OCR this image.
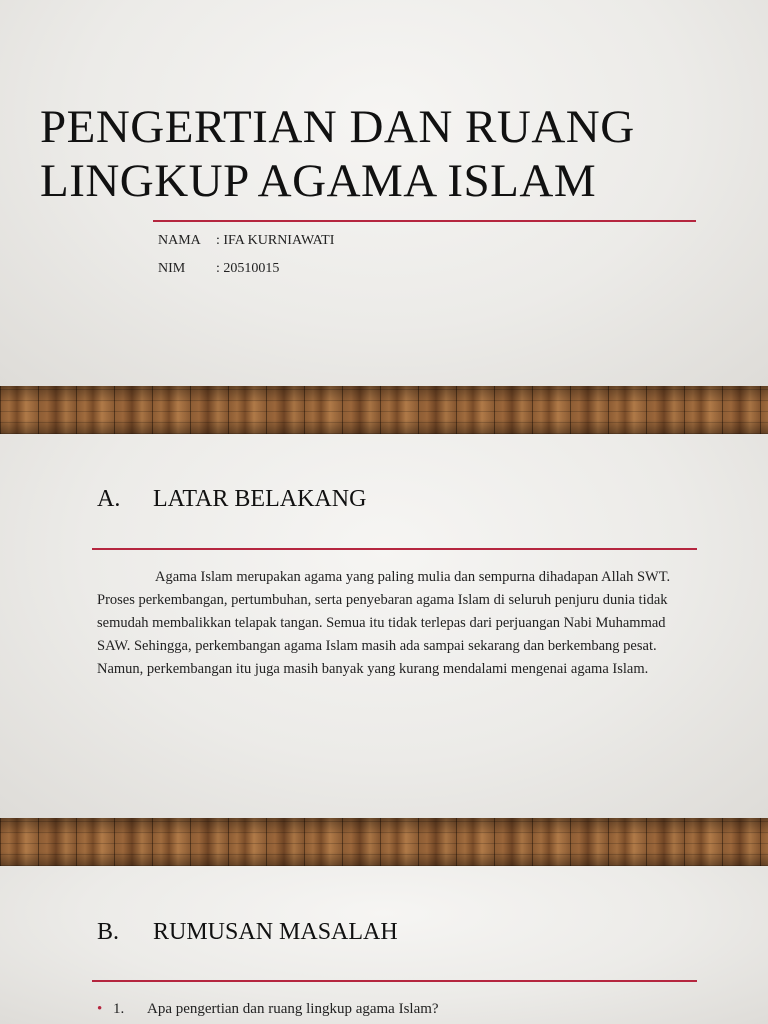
PENGERTIAN DAN RUANG
LINGKUP AGAMA ISLAM
NAMA : IFA KURNIAWATI
NIM : 20510015
A. LATAR BELAKANG

Agama Islam merupakan agama yang paling mulia dan sempurna dihadapan Allah SWT. Proses perkembangan, pertumbuhan, serta penyebaran agama Islam di seluruh penjuru dunia tidak semudah membalikkan telapak tangan. Semua itu tidak terlepas dari perjuangan Nabi Muhammad SAW. Sehingga, perkembangan agama Islam masih ada sampai sekarang dan berkembang pesat. Namun, perkembangan itu juga masih banyak yang kurang mendalami mengenai agama Islam.

B. RUMUSAN MASALAH
• 1. Apa pengertian dan ruang lingkup agama Islam?
